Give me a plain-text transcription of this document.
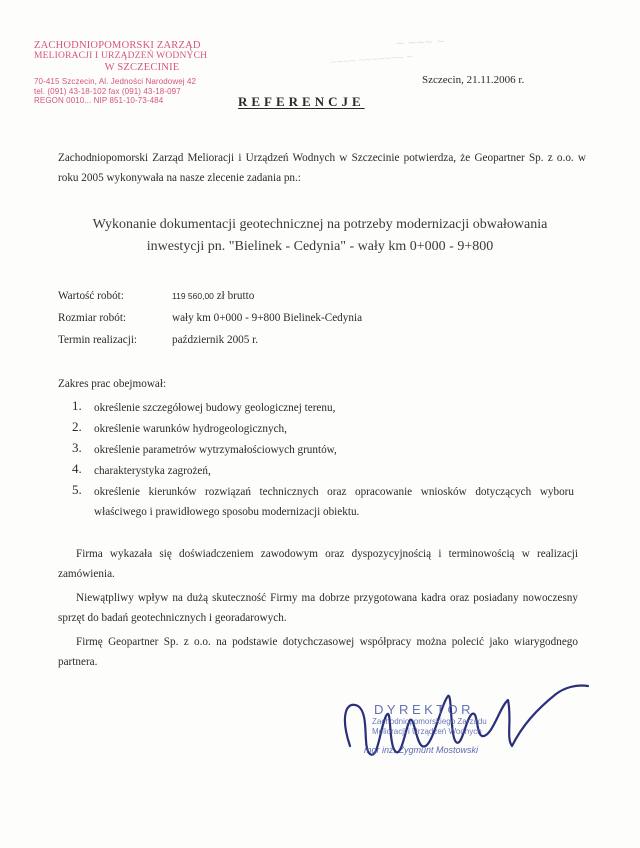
~ ~~~ ~
~~~~ ~~~~~~~ ~
ZACHODNIOPOMORSKI ZARZĄD
MELIORACJI I URZĄDZEŃ WODNYCH
W SZCZECINIE
70-415 Szczecin, Al. Jedności Narodowej 42
tel. (091) 43-18-102 fax (091) 43-18-097
REGON 0010... NIP 851-10-73-484
Szczecin, 21.11.2006 r.
REFERENCJE
Zachodniopomorski Zarząd Melioracji i Urządzeń Wodnych w Szczecinie potwierdza, że Geopartner Sp. z o.o. w roku 2005 wykonywała na nasze zlecenie zadania pn.:
Wykonanie dokumentacji geotechnicznej na potrzeby modernizacji obwałowania
inwestycji pn. "Bielinek - Cedynia" - wały km 0+000 - 9+800
Wartość robót:	119 560,00 zł brutto
Rozmiar robót:	wały km 0+000 - 9+800 Bielinek-Cedynia
Termin realizacji:	październik 2005 r.
Zakres prac obejmował:
1. określenie szczegółowej budowy geologicznej terenu,
2. określenie warunków hydrogeologicznych,
3. określenie parametrów wytrzymałościowych gruntów,
4. charakterystyka zagrożeń,
5. określenie kierunków rozwiązań technicznych oraz opracowanie wniosków dotyczących wyboru właściwego i prawidłowego sposobu modernizacji obiektu.
Firma wykazała się doświadczeniem zawodowym oraz dyspozycyjnością i terminowością w realizacji zamówienia.
Niewątpliwy wpływ na dużą skuteczność Firmy ma dobrze przygotowana kadra oraz posiadany nowoczesny sprzęt do badań geotechnicznych i georadarowych.
Firmę Geopartner Sp. z o.o. na podstawie dotychczasowej współpracy można polecić jako wiarygodnego partnera.
DYREKTOR
Zachodniopomorskiego Zarządu
Melioracji i Urządzeń Wodnych
mgr inż. Zygmunt Mostowski
